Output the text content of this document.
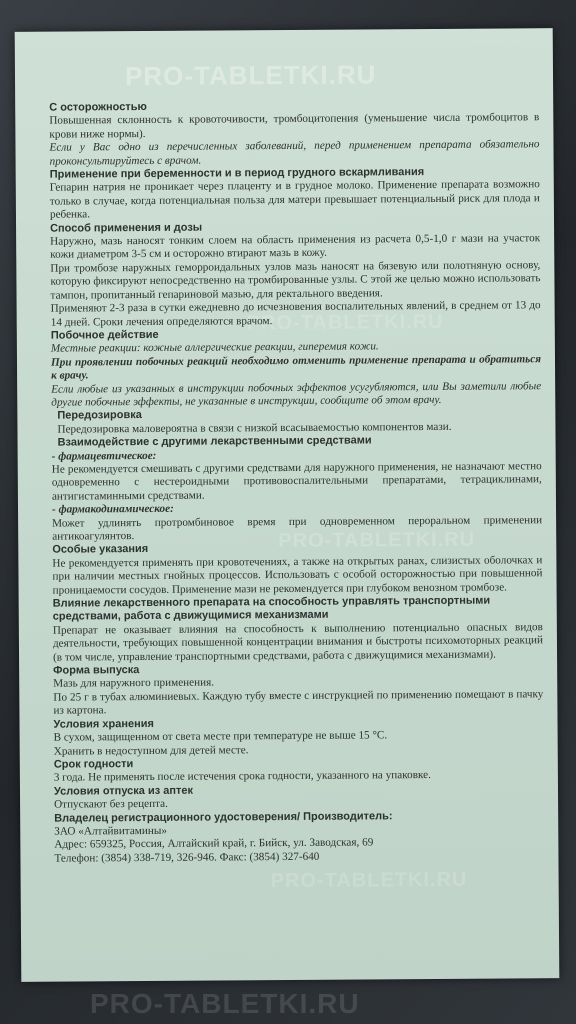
PRO-TABLETKI.RU
PRO-TABLETKI.RU
PRO-TABLETKI.RU
PRO-TABLETKI.RU
С осторожностью
Повышенная склонность к кровоточивости, тромбоцитопения (уменьшение числа тромбоцитов в крови ниже нормы).
Если у Вас одно из перечисленных заболеваний, перед применением препарата обязательно проконсультируйтесь с врачом.
Применение при беременности и в период грудного вскармливания
Гепарин натрия не проникает через плаценту и в грудное молоко. Применение препарата возможно только в случае, когда потенциальная польза для матери превышает потенциальный риск для плода и ребенка.
Способ применения и дозы
Наружно, мазь наносят тонким слоем на область применения из расчета 0,5-1,0 г мази на участок кожи диаметром 3-5 см и осторожно втирают мазь в кожу.
При тромбозе наружных геморроидальных узлов мазь наносят на бязевую или полотняную основу, которую фиксируют непосредственно на тромбированные узлы. С этой же целью можно использовать тампон, пропитанный гепариновой мазью, для ректального введения.
Применяют 2-3 раза в сутки ежедневно до исчезновения воспалительных явлений, в среднем от 13 до 14 дней. Сроки лечения определяются врачом.
Побочное действие
Местные реакции: кожные аллергические реакции, гиперемия кожи.
При проявлении побочных реакций необходимо отменить применение препарата и обратиться к врачу.
Если любые из указанных в инструкции побочных эффектов усугубляются, или Вы заметили любые другие побочные эффекты, не указанные в инструкции, сообщите об этом врачу.
Передозировка
Передозировка маловероятна в связи с низкой всасываемостью компонентов мази.
Взаимодействие с другими лекарственными средствами
- фармацевтическое:
Не рекомендуется смешивать с другими средствами для наружного применения, не назначают местно одновременно с нестероидными противовоспалительными препаратами, тетрациклинами, антигистаминными средствами.
- фармакодинамическое:
Может удлинять протромбиновое время при одновременном пероральном применении антикоагулянтов.
Особые указания
Не рекомендуется применять при кровотечениях, а также на открытых ранах, слизистых оболочках и при наличии местных гнойных процессов. Использовать с особой осторожностью при повышенной проницаемости сосудов. Применение мази не рекомендуется при глубоком венозном тромбозе.
Влияние лекарственного препарата на способность управлять транспортными средствами, работа с движущимися механизмами
Препарат не оказывает влияния на способность к выполнению потенциально опасных видов деятельности, требующих повышенной концентрации внимания и быстроты психомоторных реакций (в том числе, управление транспортными средствами, работа с движущимися механизмами).
Форма выпуска
Мазь для наружного применения.
По 25 г в тубах алюминиевых. Каждую тубу вместе с инструкцией по применению помещают в пачку из картона.
Условия хранения
В сухом, защищенном от света месте при температуре не выше 15 °С.
Хранить в недоступном для детей месте.
Срок годности
3 года. Не применять после истечения срока годности, указанного на упаковке.
Условия отпуска из аптек
Отпускают без рецепта.
Владелец регистрационного удостоверения/ Производитель:
ЗАО «Алтайвитамины»
Адрес: 659325, Россия, Алтайский край, г. Бийск, ул. Заводская, 69
Телефон: (3854) 338-719, 326-946. Факс: (3854) 327-640
PRO-TABLETKI.RU
